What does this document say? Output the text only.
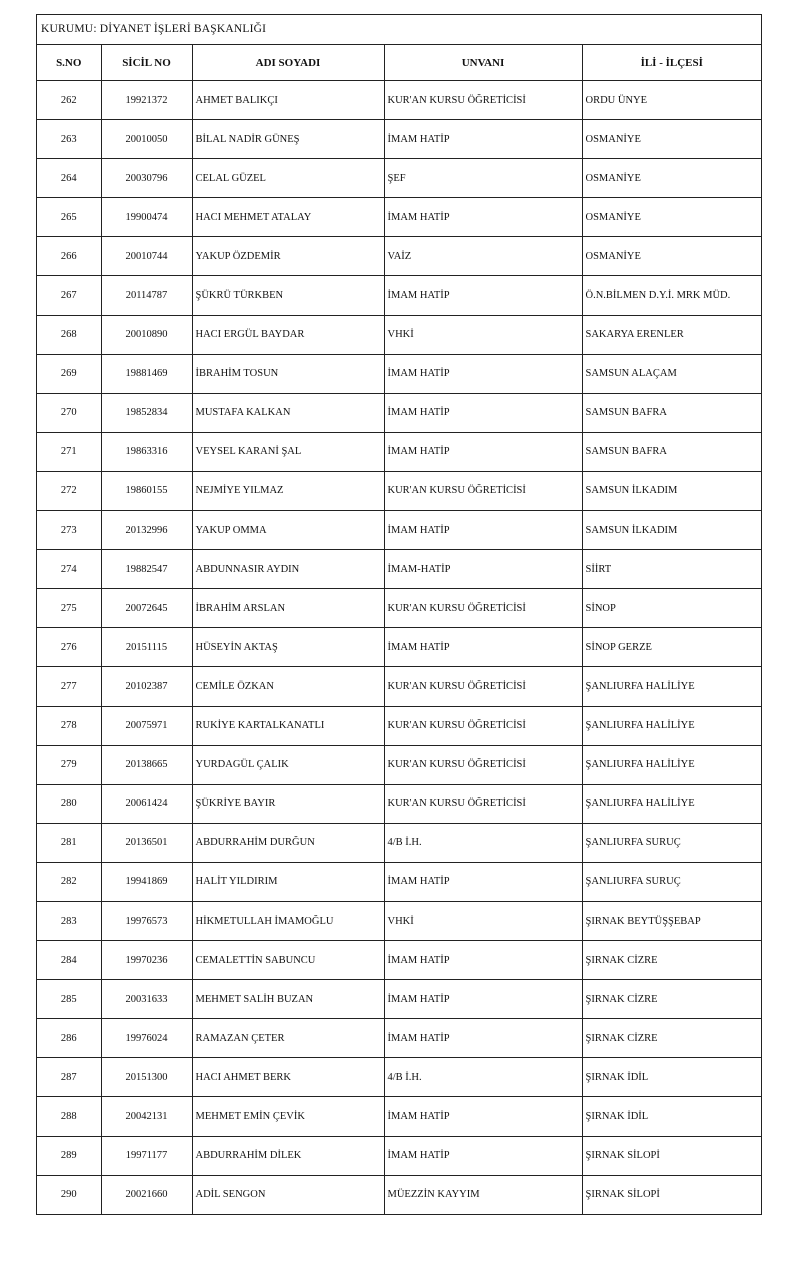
KURUMU: DİYANET İŞLERİ BAŞKANLIĞI
S.NO	SİCİL NO	ADI SOYADI	UNVANI	İLİ - İLÇESİ
262	19921372	AHMET BALIKÇI	KUR'AN KURSU ÖĞRETİCİSİ	ORDU ÜNYE
263	20010050	BİLAL NADİR GÜNEŞ	İMAM HATİP	OSMANİYE
264	20030796	CELAL GÜZEL	ŞEF	OSMANİYE
265	19900474	HACI MEHMET ATALAY	İMAM HATİP	OSMANİYE
266	20010744	YAKUP ÖZDEMİR	VAİZ	OSMANİYE
267	20114787	ŞÜKRÜ TÜRKBEN	İMAM HATİP	Ö.N.BİLMEN D.Y.İ. MRK MÜD.
268	20010890	HACI ERGÜL BAYDAR	VHKİ	SAKARYA ERENLER
269	19881469	İBRAHİM TOSUN	İMAM HATİP	SAMSUN ALAÇAM
270	19852834	MUSTAFA KALKAN	İMAM HATİP	SAMSUN BAFRA
271	19863316	VEYSEL KARANİ ŞAL	İMAM HATİP	SAMSUN BAFRA
272	19860155	NEJMİYE YILMAZ	KUR'AN KURSU ÖĞRETİCİSİ	SAMSUN İLKADIM
273	20132996	YAKUP OMMA	İMAM HATİP	SAMSUN İLKADIM
274	19882547	ABDUNNASIR AYDIN	İMAM-HATİP	SİİRT
275	20072645	İBRAHİM ARSLAN	KUR'AN KURSU ÖĞRETİCİSİ	SİNOP
276	20151115	HÜSEYİN AKTAŞ	İMAM HATİP	SİNOP GERZE
277	20102387	CEMİLE ÖZKAN	KUR'AN KURSU ÖĞRETİCİSİ	ŞANLIURFA HALİLİYE
278	20075971	RUKİYE KARTALKANATLI	KUR'AN KURSU ÖĞRETİCİSİ	ŞANLIURFA HALİLİYE
279	20138665	YURDAGÜL ÇALIK	KUR'AN KURSU ÖĞRETİCİSİ	ŞANLIURFA HALİLİYE
280	20061424	ŞÜKRİYE BAYIR	KUR'AN KURSU ÖĞRETİCİSİ	ŞANLIURFA HALİLİYE
281	20136501	ABDURRAHİM DURĞUN	4/B İ.H.	ŞANLIURFA SURUÇ
282	19941869	HALİT YILDIRIM	İMAM HATİP	ŞANLIURFA SURUÇ
283	19976573	HİKMETULLAH İMAMOĞLU	VHKİ	ŞIRNAK BEYTÜŞŞEBAP
284	19970236	CEMALETTİN SABUNCU	İMAM HATİP	ŞIRNAK CİZRE
285	20031633	MEHMET SALİH BUZAN	İMAM HATİP	ŞIRNAK CİZRE
286	19976024	RAMAZAN ÇETER	İMAM HATİP	ŞIRNAK CİZRE
287	20151300	HACI AHMET BERK	4/B İ.H.	ŞIRNAK İDİL
288	20042131	MEHMET EMİN ÇEVİK	İMAM HATİP	ŞIRNAK İDİL
289	19971177	ABDURRAHİM DİLEK	İMAM HATİP	ŞIRNAK SİLOPİ
290	20021660	ADİL SENGON	MÜEZZİN KAYYIM	ŞIRNAK SİLOPİ
